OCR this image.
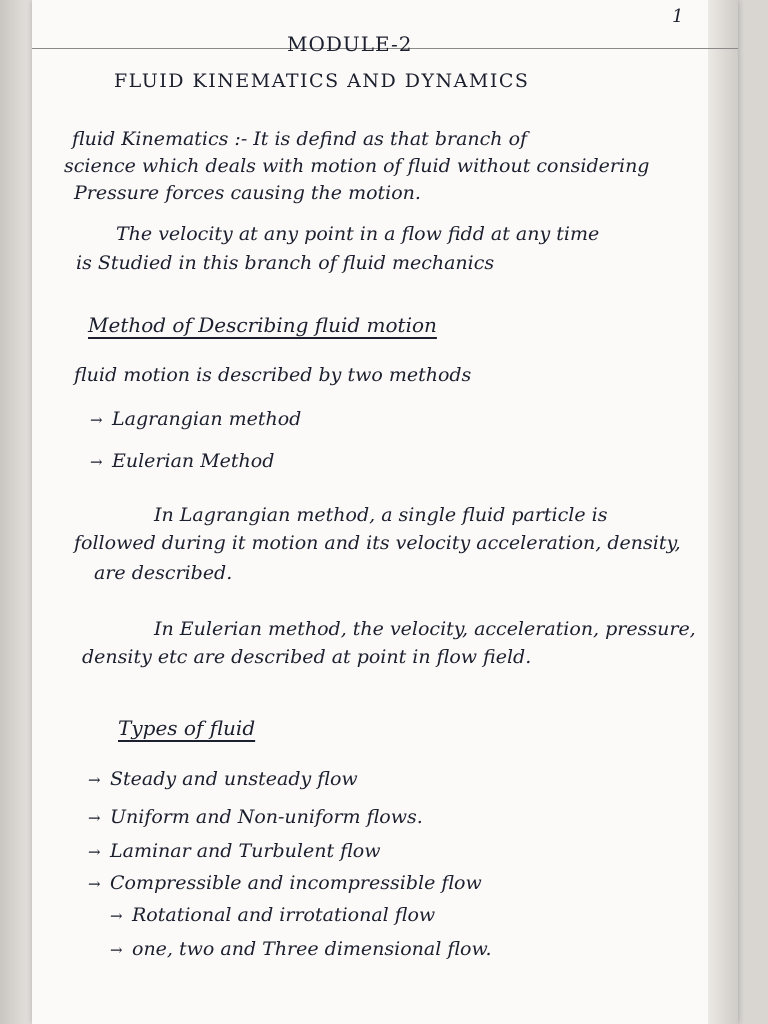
1
MODULE-2
FLUID KINEMATICS AND DYNAMICS
fluid Kinematics :- It is defind as that branch of
science which deals with motion of fluid without considering
Pressure forces causing the motion.
The velocity at any point in a flow fidd at any time
is Studied in this branch of fluid mechanics
Method of Describing fluid motion
fluid motion is described by two methods
→ Lagrangian method
→ Eulerian Method
In Lagrangian method, a single fluid particle is
followed during it motion and its velocity acceleration, density,
are described.
In Eulerian method, the velocity, acceleration, pressure,
density etc are described at point in flow field.
Types of fluid
→ Steady and unsteady flow
→ Uniform and Non-uniform flows.
→ Laminar and Turbulent flow
→ Compressible and incompressible flow
→ Rotational and irrotational flow
→ one, two and Three dimensional flow.
